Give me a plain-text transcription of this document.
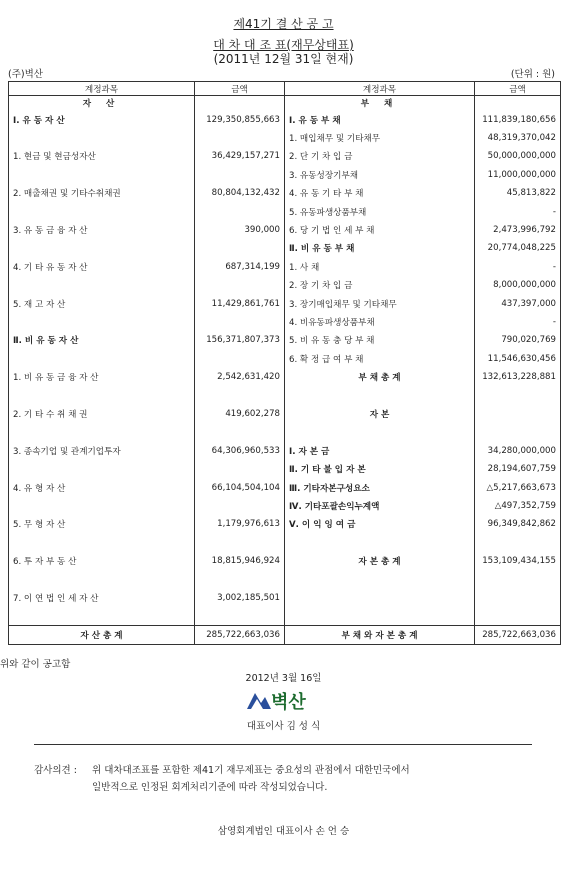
제41기 결 산 공 고
대 차 대 조 표(재무상태표)
(2011년 12월 31일 현재)
(주)벽산	(단위 : 원)
계정과목	금액	계정과목	금액
자 산		부 채	
Ⅰ. 유 동 자 산	129,350,855,663	Ⅰ. 유 동 부 채	111,839,180,656
		1. 매입채무 및 기타채무	48,319,370,042
1. 현금 및 현금성자산	36,429,157,271	2. 단 기 차 입 금	50,000,000,000
		3. 유동성장기부채	11,000,000,000
2. 매출채권 및 기타수취채권	80,804,132,432	4. 유 동 기 타 부 채	45,813,822
		5. 유동파생상품부채	-
3. 유 동 금 융 자 산	390,000	6. 당 기 법 인 세 부 채	2,473,996,792
		Ⅱ. 비 유 동 부 채	20,774,048,225
4. 기 타 유 동 자 산	687,314,199	1. 사 채	-
		2. 장 기 차 입 금	8,000,000,000
5. 재 고 자 산	11,429,861,761	3. 장기매입채무 및 기타채무	437,397,000
		4. 비유동파생상품부채	-
Ⅱ. 비 유 동 자 산	156,371,807,373	5. 비 유 동 충 당 부 채	790,020,769
		6. 확 정 급 여 부 채	11,546,630,456
1. 비 유 동 금 융 자 산	2,542,631,420	부 채 총 계	132,613,228,881

2. 기 타 수 취 채 권	419,602,278	자 본	

3. 종속기업 및 관계기업투자	64,306,960,533	Ⅰ. 자 본 금	34,280,000,000
		Ⅱ. 기 타 불 입 자 본	28,194,607,759
4. 유 형 자 산	66,104,504,104	Ⅲ. 기타자본구성요소	△5,217,663,673
		Ⅳ. 기타포괄손익누계액	△497,352,759
5. 무 형 자 산	1,179,976,613	Ⅴ. 이 익 잉 여 금	96,349,842,862

6. 투 자 부 동 산	18,815,946,924	자 본 총 계	153,109,434,155

7. 이 연 법 인 세 자 산	3,002,185,501		

자 산 총 계	285,722,663,036	부 채 와 자 본 총 계	285,722,663,036
위와 같이 공고함
2012년 3월 16일
벽산
대표이사 김 성 식
감사의견 : 위 대차대조표를 포함한 제41기 재무제표는 중요성의 관점에서 대한민국에서
일반적으로 인정된 회계처리기준에 따라 작성되었습니다.
삼영회계법인 대표이사 손 언 승
